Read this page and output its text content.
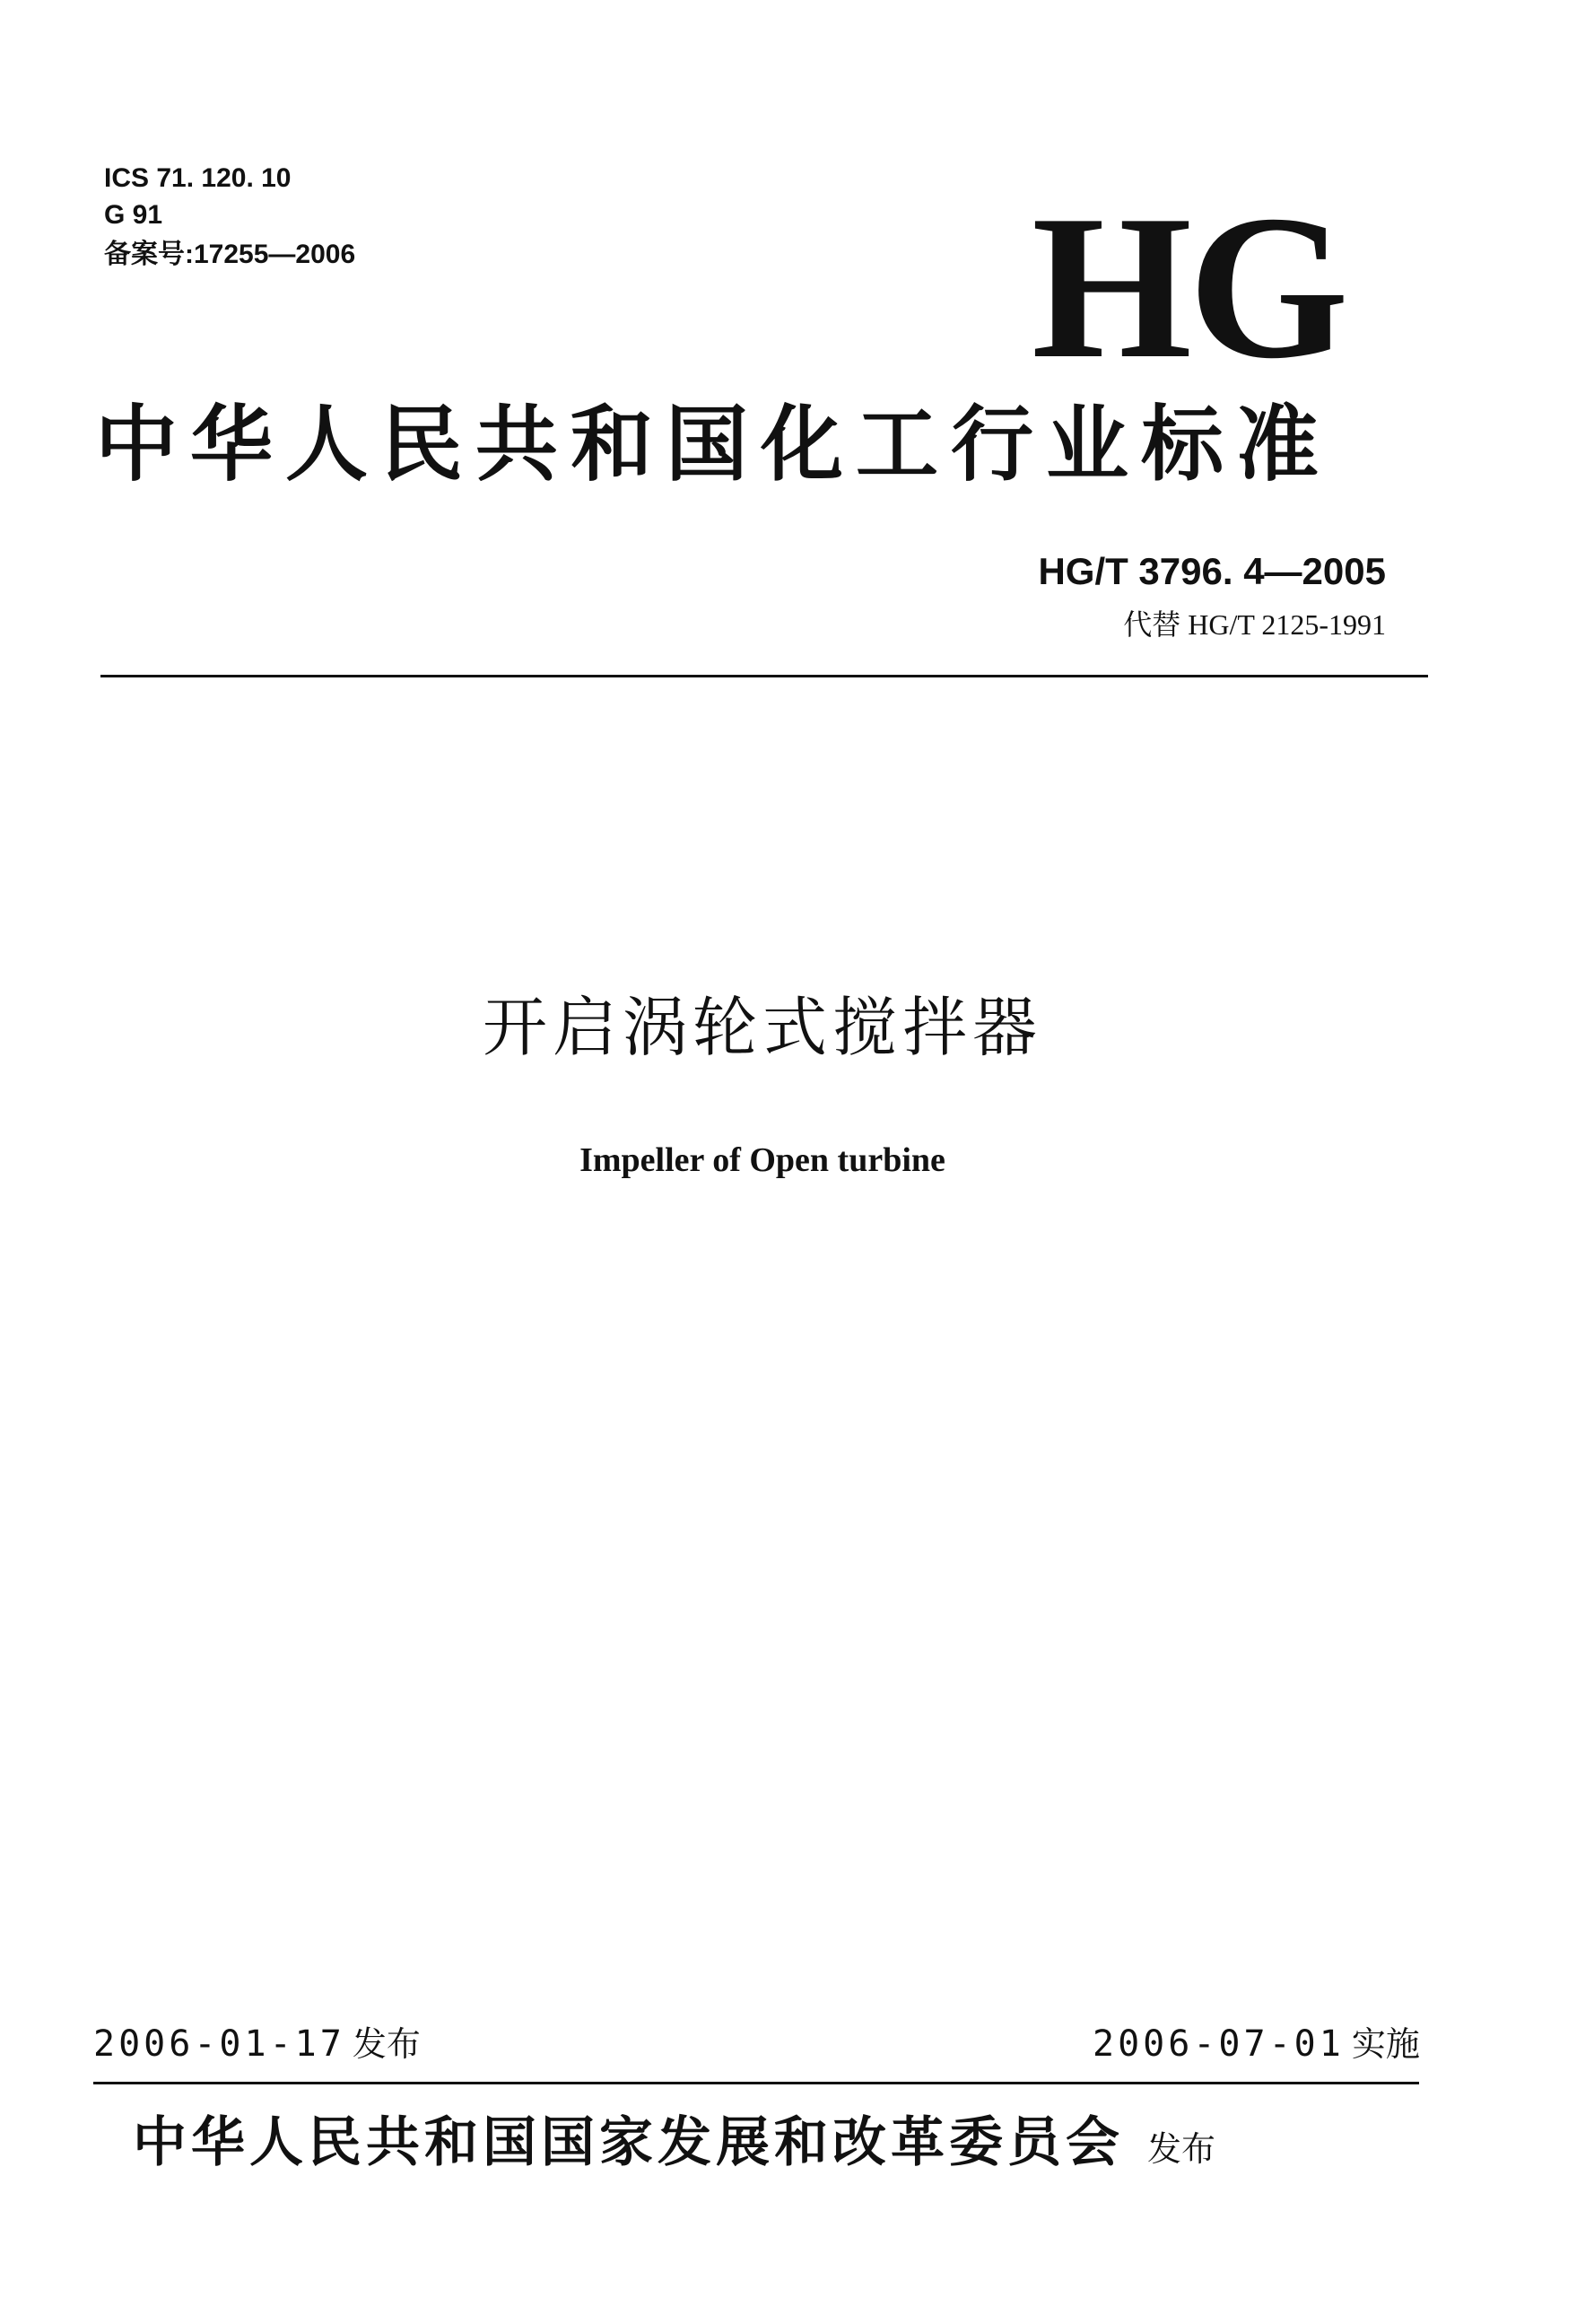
ICS 71. 120. 10
G 91
备案号:17255—2006	HG
中华人民共和国化工行业标准
HG/T 3796. 4—2005
代替 HG/T 2125-1991
开启涡轮式搅拌器
Impeller of Open turbine
2006-01-17 发布	2006-07-01 实施
中华人民共和国国家发展和改革委员会 发布
